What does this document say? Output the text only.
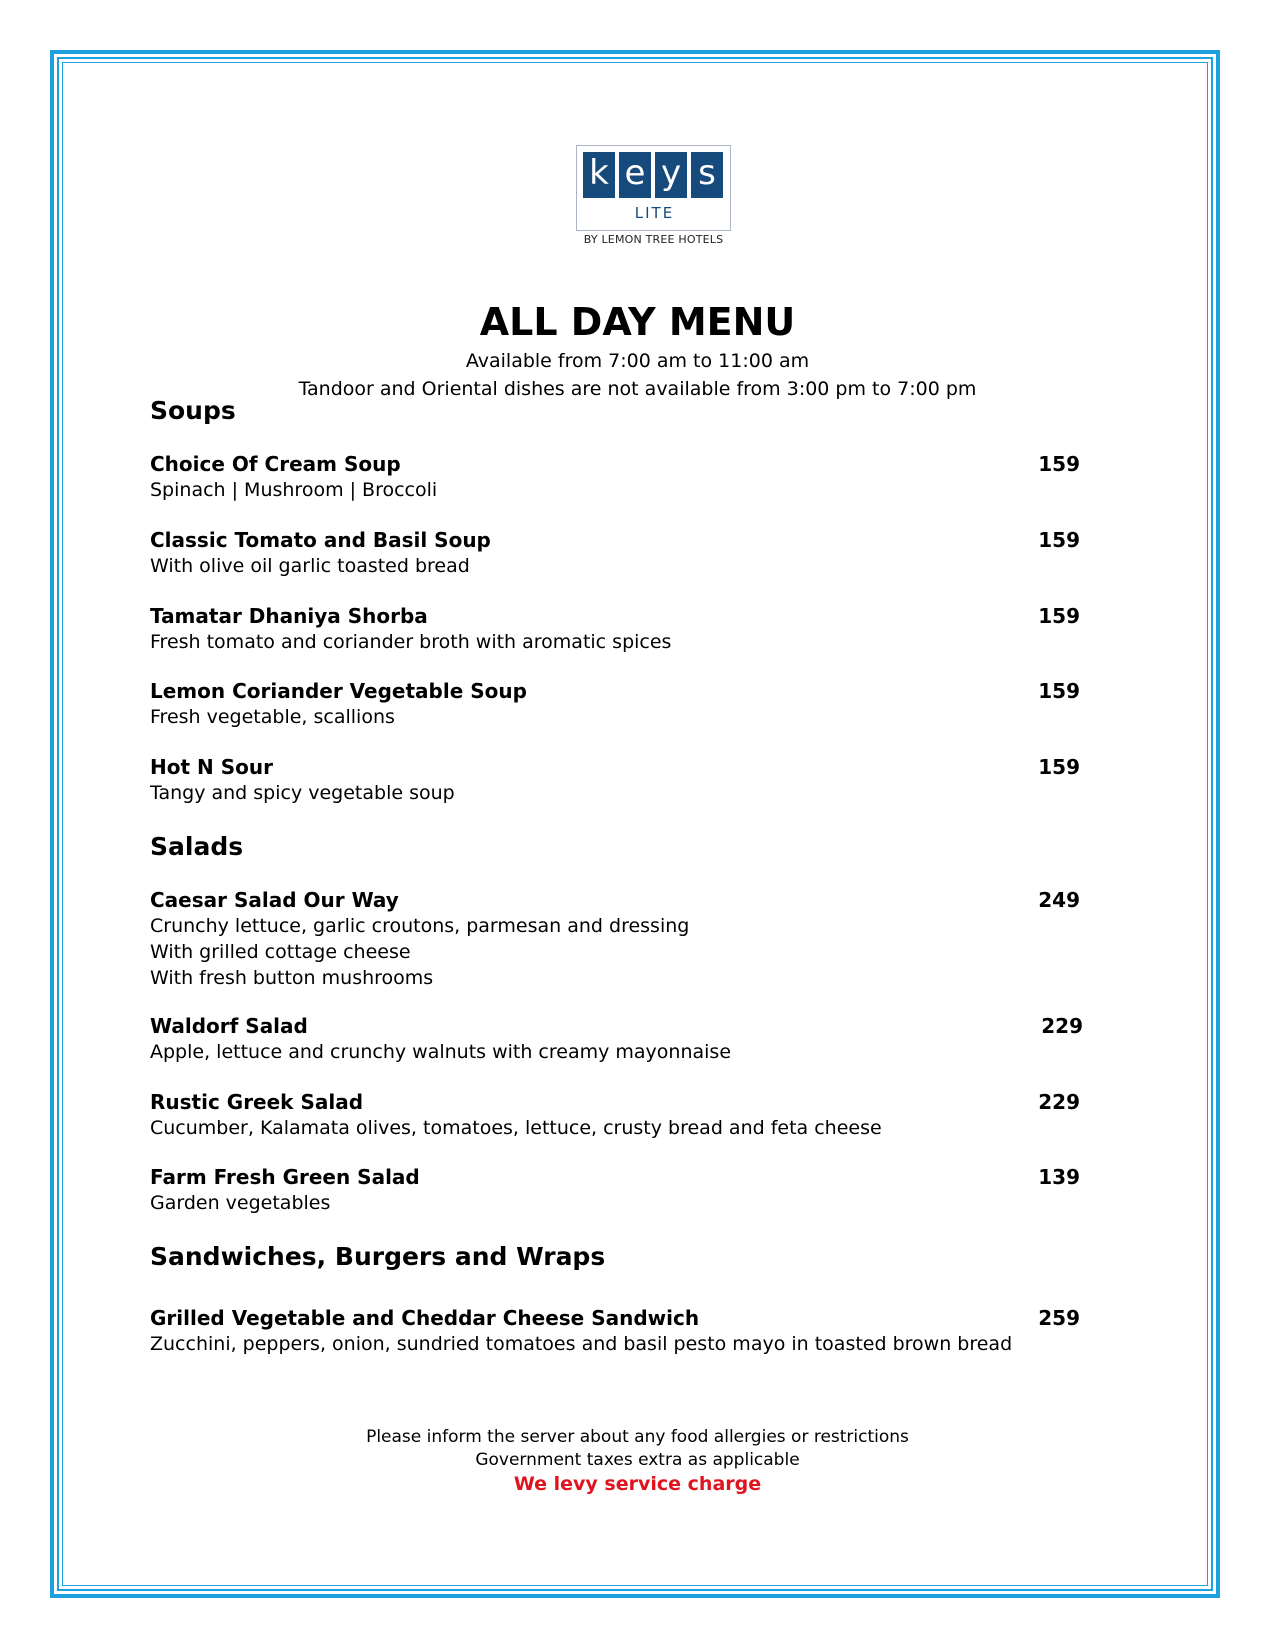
k e y s
LITE
BY LEMON TREE HOTELS
ALL DAY MENU
Available from 7:00 am to 11:00 am
Tandoor and Oriental dishes are not available from 3:00 pm to 7:00 pm
Soups
Choice Of Cream Soup	159
Spinach | Mushroom | Broccoli
Classic Tomato and Basil Soup	159
With olive oil garlic toasted bread
Tamatar Dhaniya Shorba	159
Fresh tomato and coriander broth with aromatic spices
Lemon Coriander Vegetable Soup	159
Fresh vegetable, scallions
Hot N Sour	159
Tangy and spicy vegetable soup
Salads
Caesar Salad Our Way	249
Crunchy lettuce, garlic croutons, parmesan and dressing
With grilled cottage cheese
With fresh button mushrooms
Waldorf Salad	229
Apple, lettuce and crunchy walnuts with creamy mayonnaise
Rustic Greek Salad	229
Cucumber, Kalamata olives, tomatoes, lettuce, crusty bread and feta cheese
Farm Fresh Green Salad	139
Garden vegetables
Sandwiches, Burgers and Wraps
Grilled Vegetable and Cheddar Cheese Sandwich	259
Zucchini, peppers, onion, sundried tomatoes and basil pesto mayo in toasted brown bread
Please inform the server about any food allergies or restrictions
Government taxes extra as applicable
We levy service charge
